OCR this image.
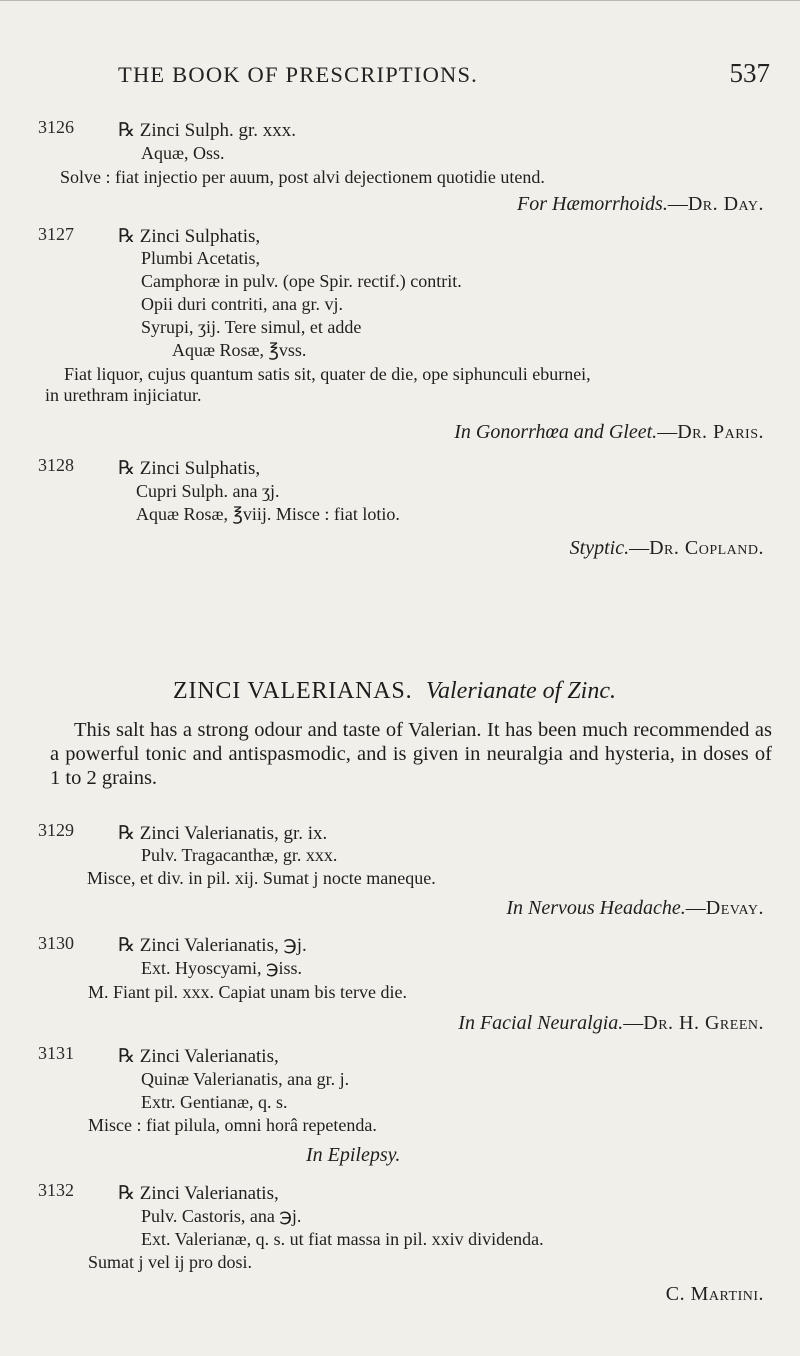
THE BOOK OF PRESCRIPTIONS.	537
3126 ℞ Zinci Sulph. gr. xxx.
Aquæ, Oss.
Solve : fiat injectio per auum, post alvi dejectionem quotidie utend.
For Hæmorrhoids.—Dr. Day.
3127 ℞ Zinci Sulphatis,
Plumbi Acetatis,
Camphoræ in pulv. (ope Spir. rectif.) contrit.
Opii duri contriti, ana gr. vj.
Syrupi, ʒij. Tere simul, et adde
Aquæ Rosæ, ℥vss.
Fiat liquor, cujus quantum satis sit, quater de die, ope siphunculi eburnei,
in urethram injiciatur.
In Gonorrhœa and Gleet.—Dr. Paris.
3128 ℞ Zinci Sulphatis,
Cupri Sulph. ana ʒj.
Aquæ Rosæ, ℥viij. Misce : fiat lotio.
Styptic.—Dr. Copland.
ZINCI VALERIANAS. Valerianate of Zinc.
This salt has a strong odour and taste of Valerian. It has been much recommended as a powerful tonic and antispasmodic, and is given in neuralgia and hysteria, in doses of 1 to 2 grains.
3129 ℞ Zinci Valerianatis, gr. ix.
Pulv. Tragacanthæ, gr. xxx.
Misce, et div. in pil. xij. Sumat j nocte maneque.
In Nervous Headache.—Devay.
3130 ℞ Zinci Valerianatis, ℈j.
Ext. Hyoscyami, ℈iss.
M. Fiant pil. xxx. Capiat unam bis terve die.
In Facial Neuralgia.—Dr. H. Green.
3131 ℞ Zinci Valerianatis,
Quinæ Valerianatis, ana gr. j.
Extr. Gentianæ, q. s.
Misce : fiat pilula, omni horâ repetenda.
In Epilepsy.
3132 ℞ Zinci Valerianatis,
Pulv. Castoris, ana ℈j.
Ext. Valerianæ, q. s. ut fiat massa in pil. xxiv dividenda.
Sumat j vel ij pro dosi.
C. Martini.
